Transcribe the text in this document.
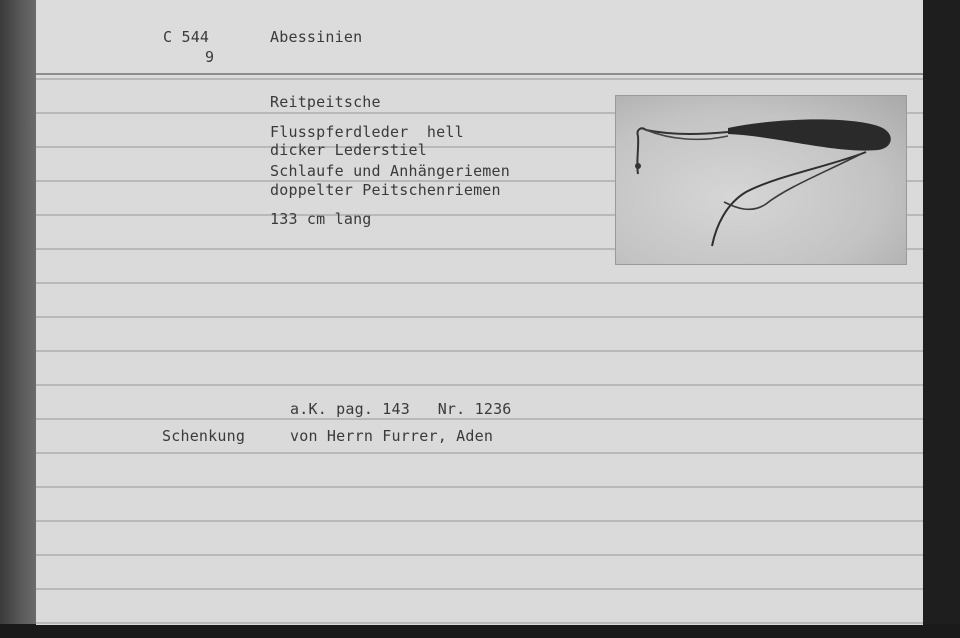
C 544
9
Abessinien
Reitpeitsche
Flusspferdleder  hell
dicker Lederstiel
Schlaufe und Anhängeriemen
doppelter Peitschenriemen
133 cm lang
a.K. pag. 143   Nr. 1236
Schenkung	von Herrn Furrer, Aden
